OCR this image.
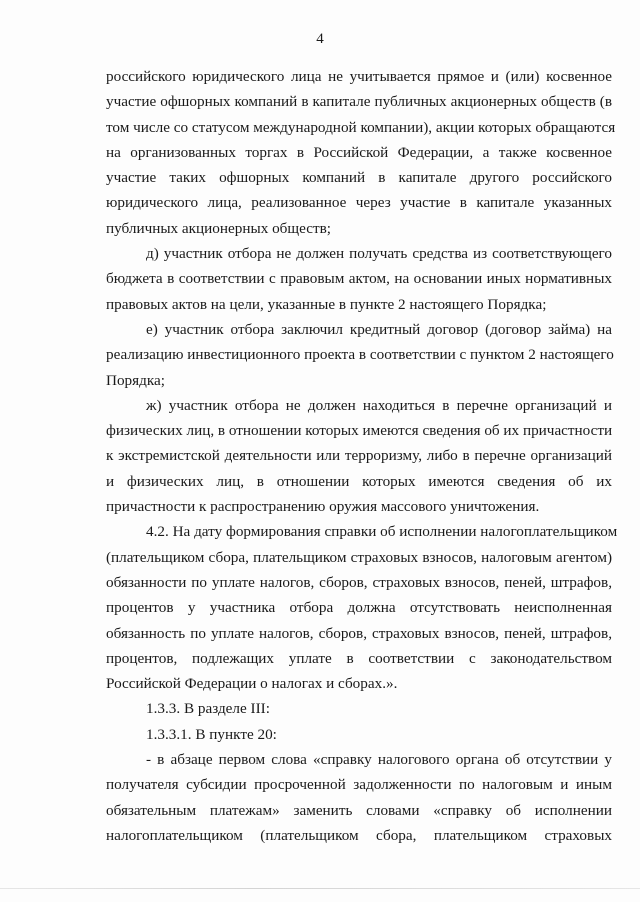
4
российского юридического лица не учитывается прямое и (или) косвенное
участие офшорных компаний в капитале публичных акционерных обществ (в
том числе со статусом международной компании), акции которых обращаются
на организованных торгах в Российской Федерации, а также косвенное
участие таких офшорных компаний в капитале другого российского
юридического лица, реализованное через участие в капитале указанных
публичных акционерных обществ;
д) участник отбора не должен получать средства из соответствующего
бюджета в соответствии с правовым актом, на основании иных нормативных
правовых актов на цели, указанные в пункте 2 настоящего Порядка;
е) участник отбора заключил кредитный договор (договор займа) на
реализацию инвестиционного проекта в соответствии с пунктом 2 настоящего
Порядка;
ж) участник отбора не должен находиться в перечне организаций и
физических лиц, в отношении которых имеются сведения об их причастности
к экстремистской деятельности или терроризму, либо в перечне организаций
и физических лиц, в отношении которых имеются сведения об их
причастности к распространению оружия массового уничтожения.
4.2. На дату формирования справки об исполнении налогоплательщиком
(плательщиком сбора, плательщиком страховых взносов, налоговым агентом)
обязанности по уплате налогов, сборов, страховых взносов, пеней, штрафов,
процентов у участника отбора должна отсутствовать неисполненная
обязанность по уплате налогов, сборов, страховых взносов, пеней, штрафов,
процентов, подлежащих уплате в соответствии с законодательством
Российской Федерации о налогах и сборах.».
1.3.3. В разделе III:
1.3.3.1. В пункте 20:
- в абзаце первом слова «справку налогового органа об отсутствии у
получателя субсидии просроченной задолженности по налоговым и иным
обязательным платежам» заменить словами «справку об исполнении
налогоплательщиком (плательщиком сбора, плательщиком страховых
